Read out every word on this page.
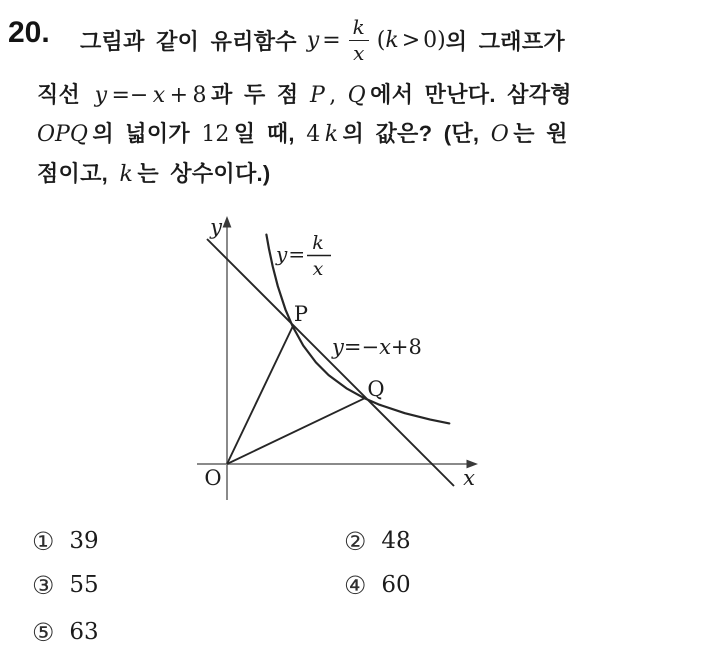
20. 그림과 같이 유리함수 $y = \frac{k}{x}$ ( k > 0 ) 의 그래프가
직선 y =− x + 8 과 두 점 P , Q 에서 만난다. 삼각형
OPQ 의 넓이가 12 일 때, 4 k 의 값은? (단, O 는 원
점이고, k 는 상수이다.)
y
x
O
P
Q
y= k
x
y=−x+8
① 39	② 48
③ 55	④ 60
⑤ 63
